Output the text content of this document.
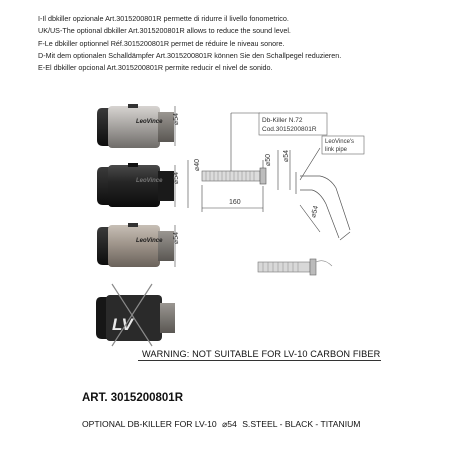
I-Il dbkiller opzionale Art.3015200801R permette di ridurre il livello fonometrico.
UK/US-The optional dbkiller Art.3015200801R allows to reduce the sound level.
F-Le dbkiller optionnel Réf.3015200801R permet de réduire le niveau sonore.
D-Mit dem optionalen Schalldämpfer Art.3015200801R können Sie den Schallpegel reduzieren.
E-El dbkiller opcional Art.3015200801R permite reducir el nivel de sonido.
LeoVince
LeoVince
LeoVince
LV
⌀54
⌀54
⌀54
⌀40
160
⌀50 ⌀54
Db-Killer N.72
Cod.3015200801R
LeoVince's
link pipe
⌀54
WARNING: NOT SUITABLE FOR LV-10 CARBON FIBER
ART. 3015200801R
OPTIONAL DB-KILLER FOR LV-10 ⌀54 S.STEEL - BLACK - TITANIUM
